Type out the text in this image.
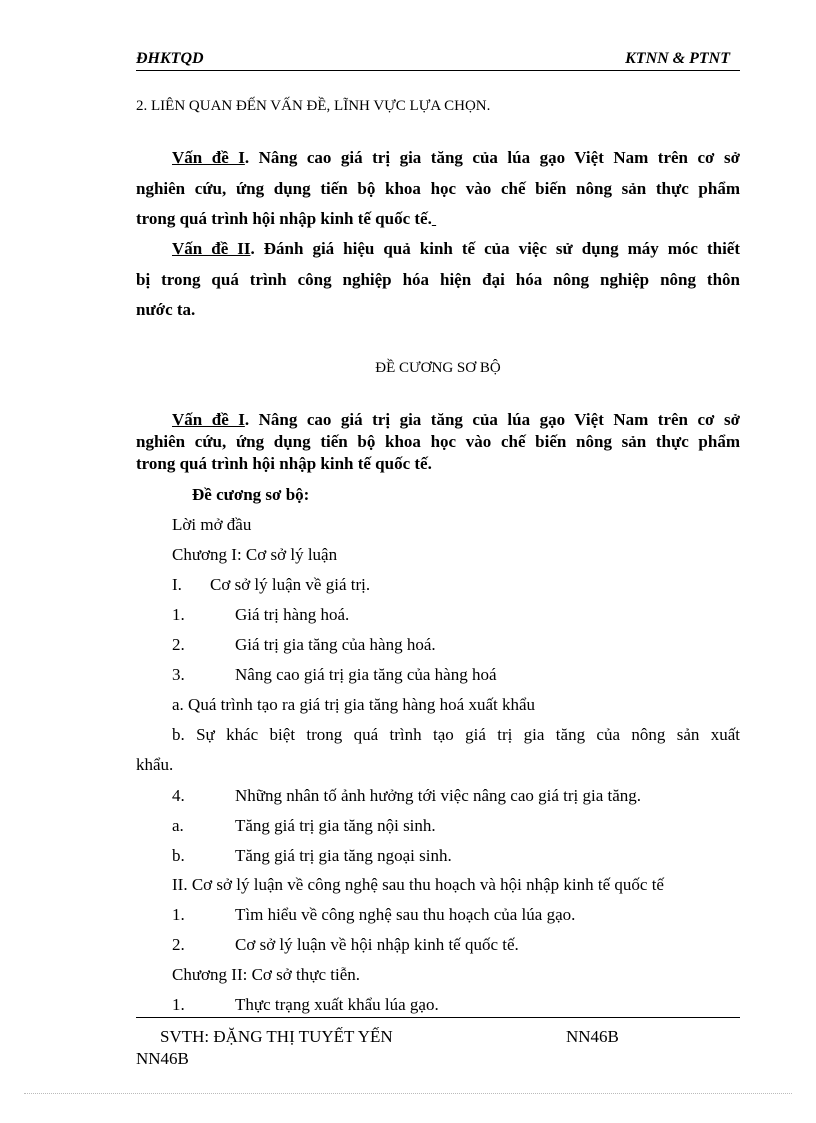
ĐHKTQD	KTNN & PTNT
2. LIÊN QUAN ĐẾN VẤN ĐỀ, LĨNH VỰC LỰA CHỌN.
Vấn đề I. Nâng cao giá trị gia tăng của lúa gạo Việt Nam trên cơ sở
nghiên cứu, ứng dụng tiến bộ khoa học vào chế biến nông sản thực phẩm
trong quá trình hội nhập kinh tế quốc tế.
Vấn đề II. Đánh giá hiệu quả kinh tế của việc sử dụng máy móc thiết
bị trong quá trình công nghiệp hóa hiện đại hóa nông nghiệp nông thôn
nước ta.
ĐỀ CƯƠNG SƠ BỘ
Vấn đề I. Nâng cao giá trị gia tăng của lúa gạo Việt Nam trên cơ sở
nghiên cứu, ứng dụng tiến bộ khoa học vào chế biến nông sản thực phẩm
trong quá trình hội nhập kinh tế quốc tế.
Đề cương sơ bộ:
Lời mở đầu
Chương I: Cơ sở lý luận
I. Cơ sở lý luận về giá trị.
1.	Giá trị hàng hoá.
2.	Giá trị gia tăng của hàng hoá.
3.	Nâng cao giá trị gia tăng của hàng hoá
a. Quá trình tạo ra giá trị gia tăng hàng hoá xuất khẩu
b. Sự khác biệt trong quá trình tạo giá trị gia tăng của nông sản xuất
khẩu.
4.	Những nhân tố ảnh hưởng tới việc nâng cao giá trị gia tăng.
a.	Tăng giá trị gia tăng nội sinh.
b.	Tăng giá trị gia tăng ngoại sinh.
II. Cơ sở lý luận về công nghệ sau thu hoạch và hội nhập kinh tế quốc tế
1.	Tìm hiểu về công nghệ sau thu hoạch của lúa gạo.
2.	Cơ sở lý luận về hội nhập kinh tế quốc tế.
Chương II: Cơ sở thực tiễn.
1.	Thực trạng xuất khẩu lúa gạo.
SVTH: ĐẶNG THỊ TUYẾT YẾN	NN46B
NN46B
